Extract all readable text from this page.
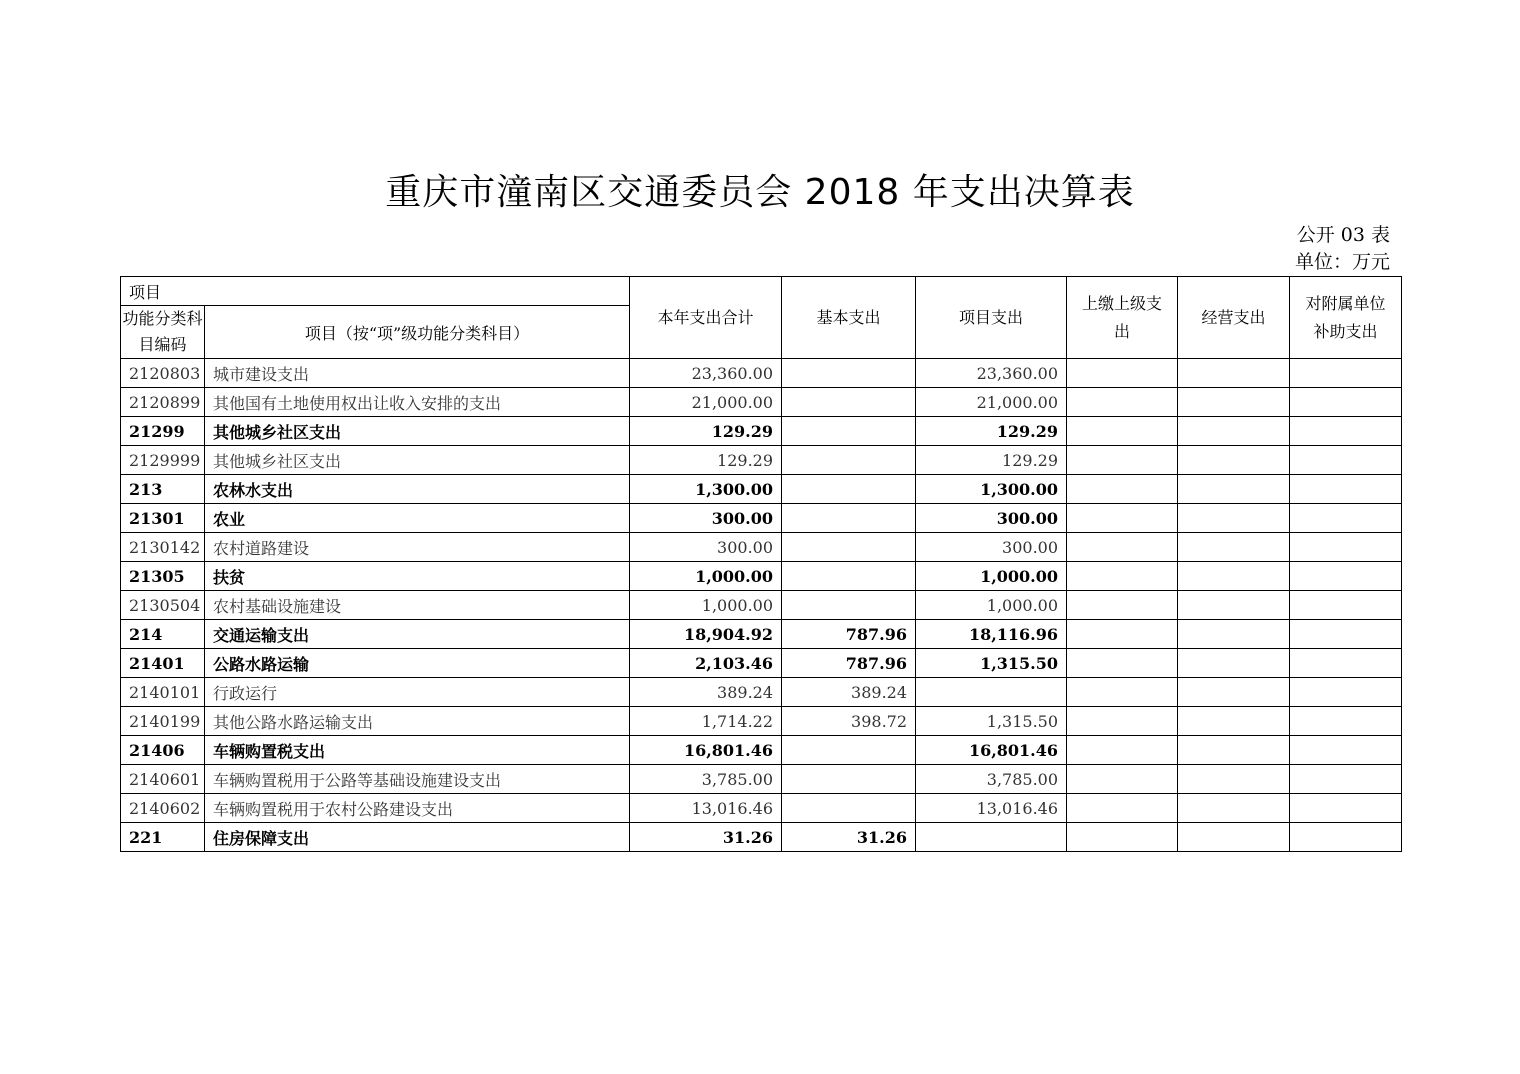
重庆市潼南区交通委员会 2018 年支出决算表
公开 03 表
单位：万元
项目		本年支出合计	基本支出	项目支出	上缴上级支出	经营支出	对附属单位补助支出
功能分类科目编码	项目（按“项”级功能分类科目）						
2120803	城市建设支出	23,360.00		23,360.00			
2120899	其他国有土地使用权出让收入安排的支出	21,000.00		21,000.00			
21299	其他城乡社区支出	129.29		129.29			
2129999	其他城乡社区支出	129.29		129.29			
213	农林水支出	1,300.00		1,300.00			
21301	农业	300.00		300.00			
2130142	农村道路建设	300.00		300.00			
21305	扶贫	1,000.00		1,000.00			
2130504	农村基础设施建设	1,000.00		1,000.00			
214	交通运输支出	18,904.92	787.96	18,116.96			
21401	公路水路运输	2,103.46	787.96	1,315.50			
2140101	行政运行	389.24	389.24				
2140199	其他公路水路运输支出	1,714.22	398.72	1,315.50			
21406	车辆购置税支出	16,801.46		16,801.46			
2140601	车辆购置税用于公路等基础设施建设支出	3,785.00		3,785.00			
2140602	车辆购置税用于农村公路建设支出	13,016.46		13,016.46			
221	住房保障支出	31.26	31.26				
